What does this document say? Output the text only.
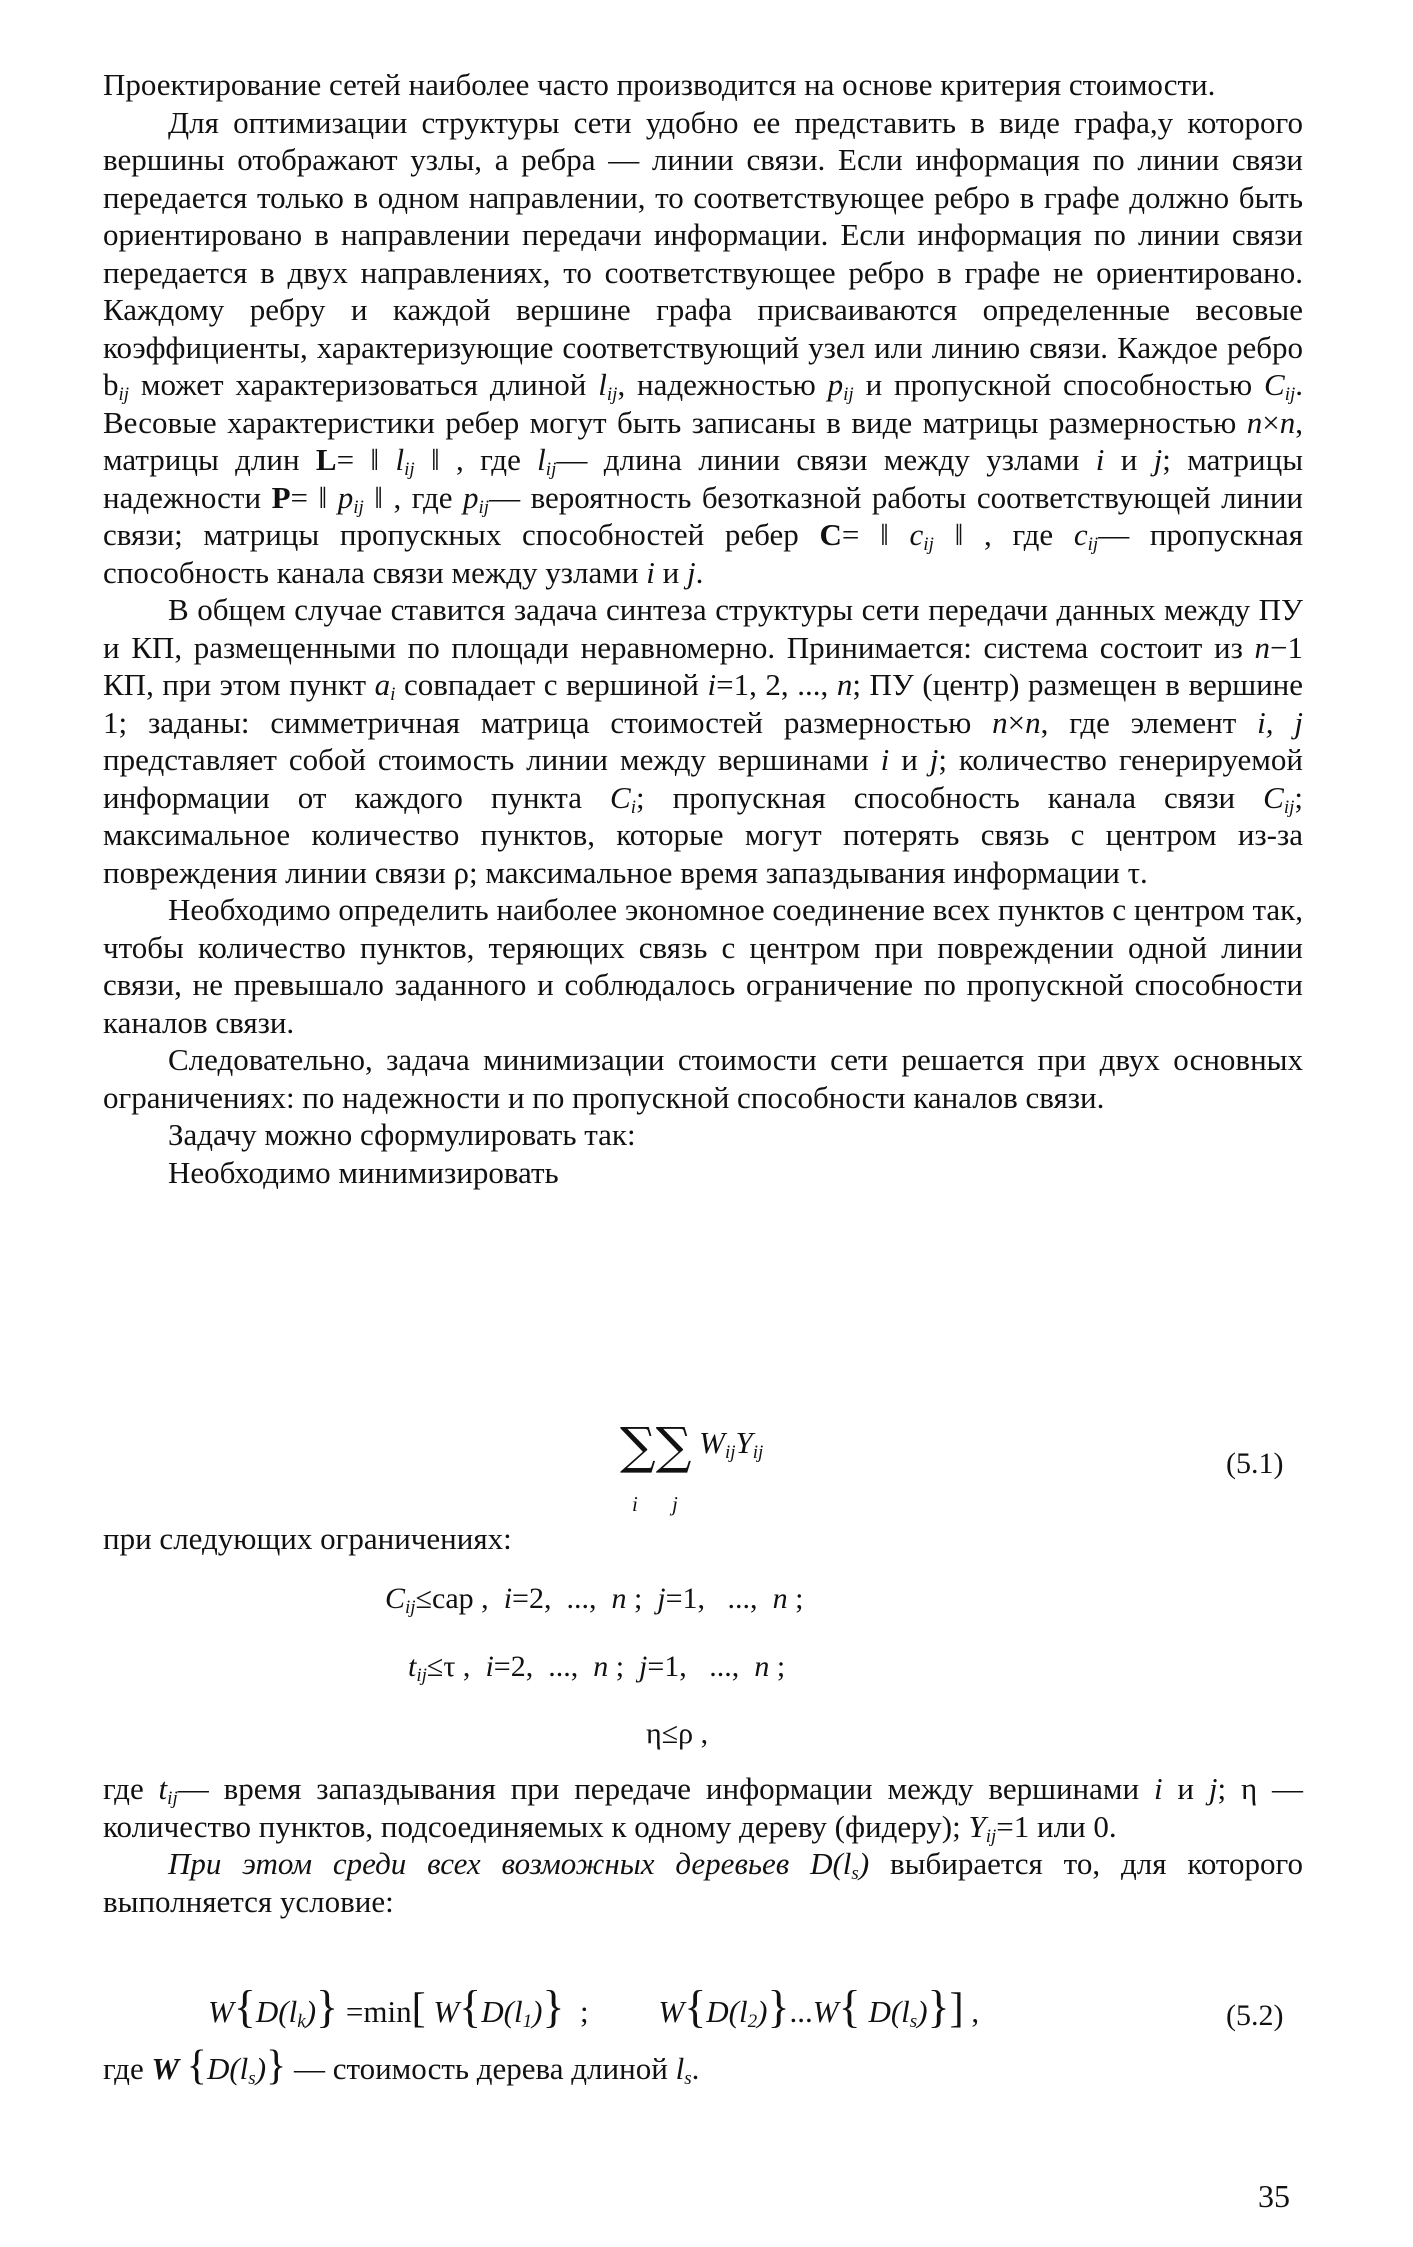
Проектирование сетей наиболее часто производится на основе критерия стоимости.

Для оптимизации структуры сети удобно ее представить в виде графа,у которого вершины отображают узлы, а ребра — линии связи. Если информация по линии связи передается только в одном направлении, то соответствующее ребро в графе должно быть ориентировано в направлении передачи информации. Если информация по линии связи передается в двух направлениях, то соответствующее ребро в графе не ориентировано. Каждому ребру и каждой вершине графа присваиваются определенные весовые коэффициенты, характеризующие соответствующий узел или линию связи. Каждое ребро $b_{ij}$ может характеризоваться длиной $l_{ij}$, надежностью $p_{ij}$ и пропускной способностью $C_{ij}$. Весовые характеристики ребер могут быть записаны в виде матрицы размерностью n×n, матрицы длин L= ‖ $l_{ij}$ ‖ , где $l_{ij}—$ длина линии связи между узлами i и j; матрицы надежности P= ‖ $p_{ij}$ ‖ , где $p_{ij}—$ вероятность безотказной работы соответствующей линии связи; матрицы пропускных способностей ребер C= ‖ $c_{ij}$ ‖ , где $c_{ij}—$ пропускная способность канала связи между узлами i и j.

В общем случае ставится задача синтеза структуры сети передачи данных между ПУ и КП, размещенными по площади неравномерно. Принимается: система состоит из n−1 КП, при этом пункт $a_i$ совпадает с вершиной i=1, 2, ..., n; ПУ (центр) размещен в вершине 1; заданы: симметричная матрица стоимостей размерностью n×n, где элемент i, j представляет собой стоимость линии между вершинами i и j; количество генерируемой информации от каждого пункта $C_i$; пропускная способность канала связи $C_{ij}$; максимальное количество пунктов, которые могут потерять связь с центром из-за повреждения линии связи ρ; максимальное время запаздывания информации τ.

Необходимо определить наиболее экономное соединение всех пунктов с центром так, чтобы количество пунктов, теряющих связь с центром при повреждении одной линии связи, не превышало заданного и соблюдалось ограничение по пропускной способности каналов связи.

Следовательно, задача минимизации стоимости сети решается при двух основных ограничениях: по надежности и по пропускной способности каналов связи.

Задачу можно сформулировать так:

Необходимо минимизировать

∑∑ $W_{ij}Y_{ij}$
i j
(5.1)

при следующих ограничениях:

$C_{ij}\le cap$ ,  i=2,  ...,  n ;  j=1,   ...,  n ;
$t_{ij}\le\tau$ ,  i=2,  ...,  n ;  j=1,   ...,  n ;
η≤ρ ,

где $t_{ij}—$ время запаздывания при передаче информации между вершинами i и j; η — количество пунктов, подсоединяемых к одному дереву (фидеру); $Y_{ij}=1$ или 0.

При этом среди всех возможных деревьев $D(l_s)$ выбирается то, для которого выполняется условие:

$W\{D(l_k)\} =\min$[ $W\{D(l_1)\}$  ;         $W\{D(l_2)\}...W${ $D(l_s)$}] ,	(5.2)

где W $\{D(l_s)\}$ — стоимость дерева длиной $l_s$.

35
